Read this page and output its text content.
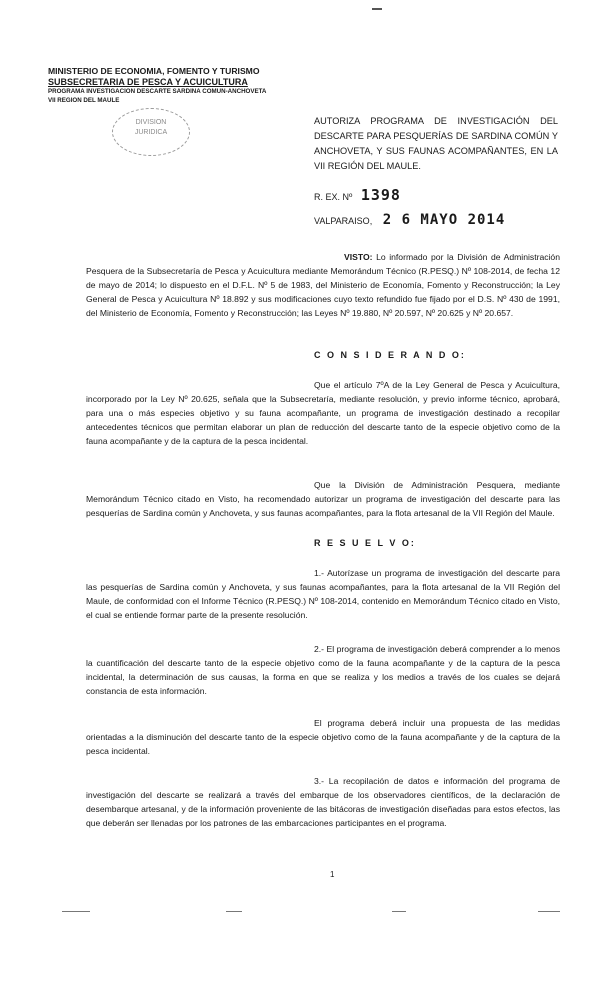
MINISTERIO DE ECONOMIA, FOMENTO Y TURISMO
SUBSECRETARIA DE PESCA Y ACUICULTURA
PROGRAMA INVESTIGACION DESCARTE SARDINA COMUN-ANCHOVETA
VII REGION DEL MAULE
DIVISION
JURIDICA
AUTORIZA PROGRAMA DE INVESTIGACIÓN DEL DESCARTE PARA PESQUERÍAS DE SARDINA COMÚN Y ANCHOVETA, Y SUS FAUNAS ACOMPAÑANTES, EN LA VII REGIÓN DEL MAULE.
R. EX. Nº 1398
VALPARAISO, 2 6 MAYO 2014
VISTO: Lo informado por la División de Administración Pesquera de la Subsecretaría de Pesca y Acuicultura mediante Memorándum Técnico (R.PESQ.) Nº 108-2014, de fecha 12 de mayo de 2014; lo dispuesto en el D.F.L. Nº 5 de 1983, del Ministerio de Economía, Fomento y Reconstrucción; la Ley General de Pesca y Acuicultura Nº 18.892 y sus modificaciones cuyo texto refundido fue fijado por el D.S. Nº 430 de 1991, del Ministerio de Economía, Fomento y Reconstrucción; las Leyes Nº 19.880, Nº 20.597, Nº 20.625 y Nº 20.657.
C O N S I D E R A N D O:
Que el artículo 7ºA de la Ley General de Pesca y Acuicultura, incorporado por la Ley Nº 20.625, señala que la Subsecretaría, mediante resolución, y previo informe técnico, aprobará, para una o más especies objetivo y su fauna acompañante, un programa de investigación destinado a recopilar antecedentes técnicos que permitan elaborar un plan de reducción del descarte tanto de la especie objetivo como de la fauna acompañante y de la captura de la pesca incidental.
Que la División de Administración Pesquera, mediante Memorándum Técnico citado en Visto, ha recomendado autorizar un programa de investigación del descarte para las pesquerías de Sardina común y Anchoveta, y sus faunas acompañantes, para la flota artesanal de la VII Región del Maule.
R E S U E L V O:
1.- Autorízase un programa de investigación del descarte para las pesquerías de Sardina común y Anchoveta, y sus faunas acompañantes, para la flota artesanal de la VII Región del Maule, de conformidad con el Informe Técnico (R.PESQ.) Nº 108-2014, contenido en Memorándum Técnico citado en Visto, el cual se entiende formar parte de la presente resolución.
2.- El programa de investigación deberá comprender a lo menos la cuantificación del descarte tanto de la especie objetivo como de la fauna acompañante y de la captura de la pesca incidental, la determinación de sus causas, la forma en que se realiza y los medios a través de los cuales se dejará constancia de esta información.
El programa deberá incluir una propuesta de las medidas orientadas a la disminución del descarte tanto de la especie objetivo como de la fauna acompañante y de la captura de la pesca incidental.
3.- La recopilación de datos e información del programa de investigación del descarte se realizará a través del embarque de los observadores científicos, de la declaración de desembarque artesanal, y de la información proveniente de las bitácoras de investigación diseñadas para estos efectos, las que deberán ser llenadas por los patrones de las embarcaciones participantes en el programa.
1
